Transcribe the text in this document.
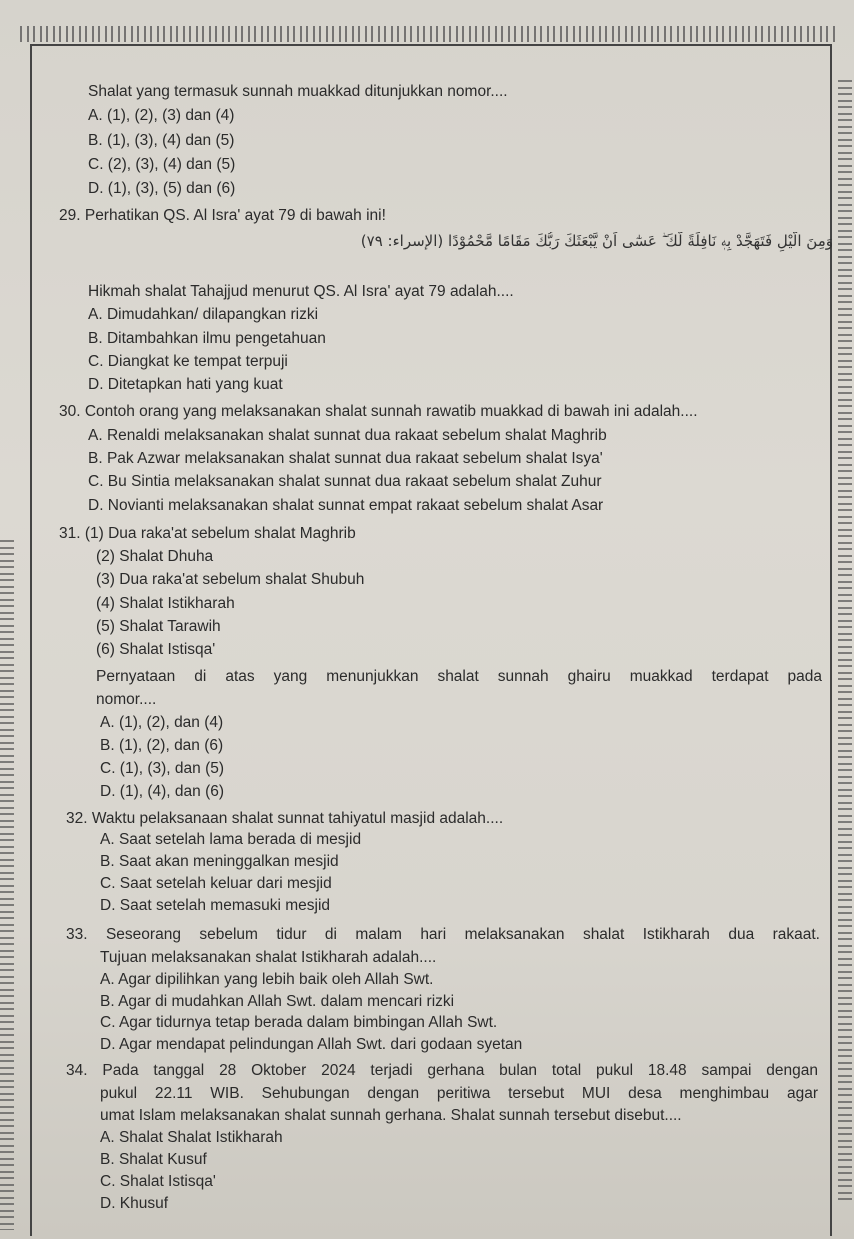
Shalat yang termasuk sunnah muakkad ditunjukkan nomor....
A. (1), (2), (3) dan (4)
B. (1), (3), (4) dan (5)
C. (2), (3), (4) dan (5)
D. (1), (3), (5) dan (6)
29. Perhatikan QS. Al Isra' ayat 79 di bawah ini!
وَمِنَ الَّيْلِ فَتَهَجَّدْ بِهٖ نَافِلَةً لَّكَ ۖ عَسٰٓى اَنْ يَّبْعَثَكَ رَبُّكَ مَقَامًا مَّحْمُوْدًا (الإسراء: ٧٩)
Hikmah shalat Tahajjud menurut QS. Al Isra' ayat 79 adalah....
A. Dimudahkan/ dilapangkan rizki
B. Ditambahkan ilmu pengetahuan
C. Diangkat ke tempat terpuji
D. Ditetapkan hati yang kuat
30. Contoh orang yang melaksanakan shalat sunnah rawatib muakkad di bawah ini adalah....
A. Renaldi melaksanakan shalat sunnat dua rakaat sebelum shalat Maghrib
B. Pak Azwar melaksanakan shalat sunnat dua rakaat sebelum shalat Isya'
C. Bu Sintia melaksanakan shalat sunnat dua rakaat sebelum shalat Zuhur
D. Novianti melaksanakan shalat sunnat empat rakaat sebelum shalat Asar
31. (1) Dua raka'at sebelum shalat Maghrib
(2) Shalat Dhuha
(3) Dua raka'at sebelum shalat Shubuh
(4) Shalat Istikharah
(5) Shalat Tarawih
(6) Shalat Istisqa'
Pernyataan di atas yang menunjukkan shalat sunnah ghairu muakkad terdapat pada
nomor....
A. (1), (2), dan (4)
B. (1), (2), dan (6)
C. (1), (3), dan (5)
D. (1), (4), dan (6)
32. Waktu pelaksanaan shalat sunnat tahiyatul masjid adalah....
A. Saat setelah lama berada di mesjid
B. Saat akan meninggalkan mesjid
C. Saat setelah keluar dari mesjid
D. Saat setelah memasuki mesjid
33. Seseorang sebelum tidur di malam hari melaksanakan shalat Istikharah dua rakaat.
Tujuan melaksanakan shalat Istikharah adalah....
A. Agar dipilihkan yang lebih baik oleh Allah Swt.
B. Agar di mudahkan Allah Swt. dalam mencari rizki
C. Agar tidurnya tetap berada dalam bimbingan Allah Swt.
D. Agar mendapat pelindungan Allah Swt. dari godaan syetan
34. Pada tanggal 28 Oktober 2024 terjadi gerhana bulan total pukul 18.48 sampai dengan
pukul 22.11 WIB. Sehubungan dengan peritiwa tersebut MUI desa menghimbau agar
umat Islam melaksanakan shalat sunnah gerhana. Shalat sunnah tersebut disebut....
A. Shalat Shalat Istikharah
B. Shalat Kusuf
C. Shalat Istisqa'
D. Khusuf
